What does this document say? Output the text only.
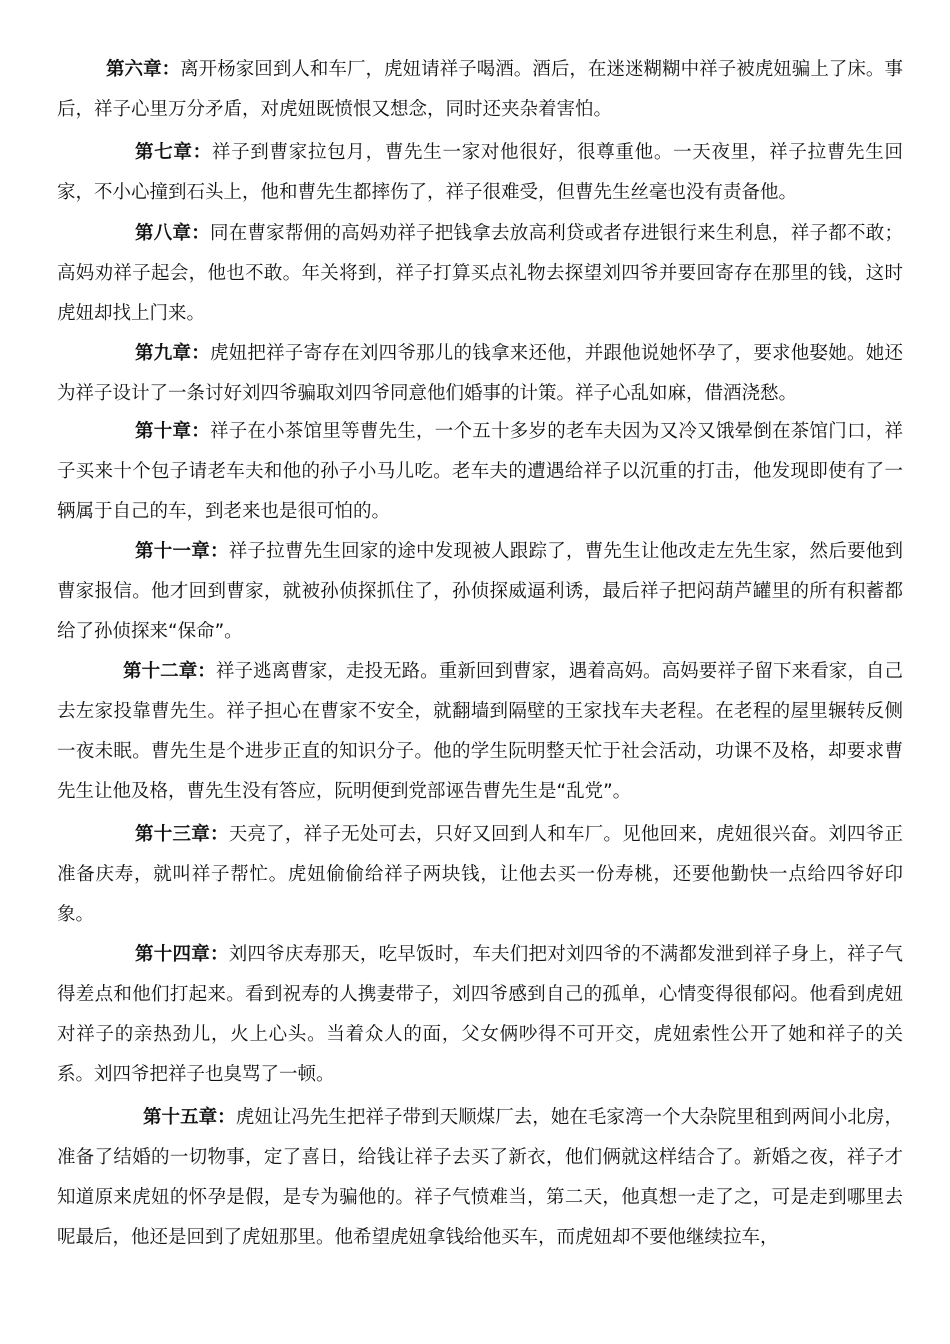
第六章：离开杨家回到人和车厂，虎妞请祥子喝酒。酒后，在迷迷糊糊中祥子被虎妞骗上了床。事后，祥子心里万分矛盾，对虎妞既愤恨又想念，同时还夹杂着害怕。

第七章：祥子到曹家拉包月，曹先生一家对他很好，很尊重他。一天夜里，祥子拉曹先生回家，不小心撞到石头上，他和曹先生都摔伤了，祥子很难受，但曹先生丝毫也没有责备他。

第八章：同在曹家帮佣的高妈劝祥子把钱拿去放高利贷或者存进银行来生利息，祥子都不敢；高妈劝祥子起会，他也不敢。年关将到，祥子打算买点礼物去探望刘四爷并要回寄存在那里的钱，这时虎妞却找上门来。

第九章：虎妞把祥子寄存在刘四爷那儿的钱拿来还他，并跟他说她怀孕了，要求他娶她。她还为祥子设计了一条讨好刘四爷骗取刘四爷同意他们婚事的计策。祥子心乱如麻，借酒浇愁。

第十章：祥子在小茶馆里等曹先生，一个五十多岁的老车夫因为又冷又饿晕倒在茶馆门口，祥子买来十个包子请老车夫和他的孙子小马儿吃。老车夫的遭遇给祥子以沉重的打击，他发现即使有了一辆属于自己的车，到老来也是很可怕的。

第十一章：祥子拉曹先生回家的途中发现被人跟踪了，曹先生让他改走左先生家，然后要他到曹家报信。他才回到曹家，就被孙侦探抓住了，孙侦探威逼利诱，最后祥子把闷葫芦罐里的所有积蓄都给了孙侦探来“保命”。

第十二章：祥子逃离曹家，走投无路。重新回到曹家，遇着高妈。高妈要祥子留下来看家，自己去左家投靠曹先生。祥子担心在曹家不安全，就翻墙到隔壁的王家找车夫老程。在老程的屋里辗转反侧一夜未眠。曹先生是个进步正直的知识分子。他的学生阮明整天忙于社会活动，功课不及格，却要求曹先生让他及格，曹先生没有答应，阮明便到党部诬告曹先生是“乱党”。

第十三章：天亮了，祥子无处可去，只好又回到人和车厂。见他回来，虎妞很兴奋。刘四爷正准备庆寿，就叫祥子帮忙。虎妞偷偷给祥子两块钱，让他去买一份寿桃，还要他勤快一点给四爷好印象。

第十四章：刘四爷庆寿那天，吃早饭时，车夫们把对刘四爷的不满都发泄到祥子身上，祥子气得差点和他们打起来。看到祝寿的人携妻带子，刘四爷感到自己的孤单，心情变得很郁闷。他看到虎妞对祥子的亲热劲儿，火上心头。当着众人的面，父女俩吵得不可开交，虎妞索性公开了她和祥子的关系。刘四爷把祥子也臭骂了一顿。

第十五章：虎妞让冯先生把祥子带到天顺煤厂去，她在毛家湾一个大杂院里租到两间小北房，准备了结婚的一切物事，定了喜日，给钱让祥子去买了新衣，他们俩就这样结合了。新婚之夜，祥子才知道原来虎妞的怀孕是假，是专为骗他的。祥子气愤难当，第二天，他真想一走了之，可是走到哪里去呢最后，他还是回到了虎妞那里。他希望虎妞拿钱给他买车，而虎妞却不要他继续拉车，
